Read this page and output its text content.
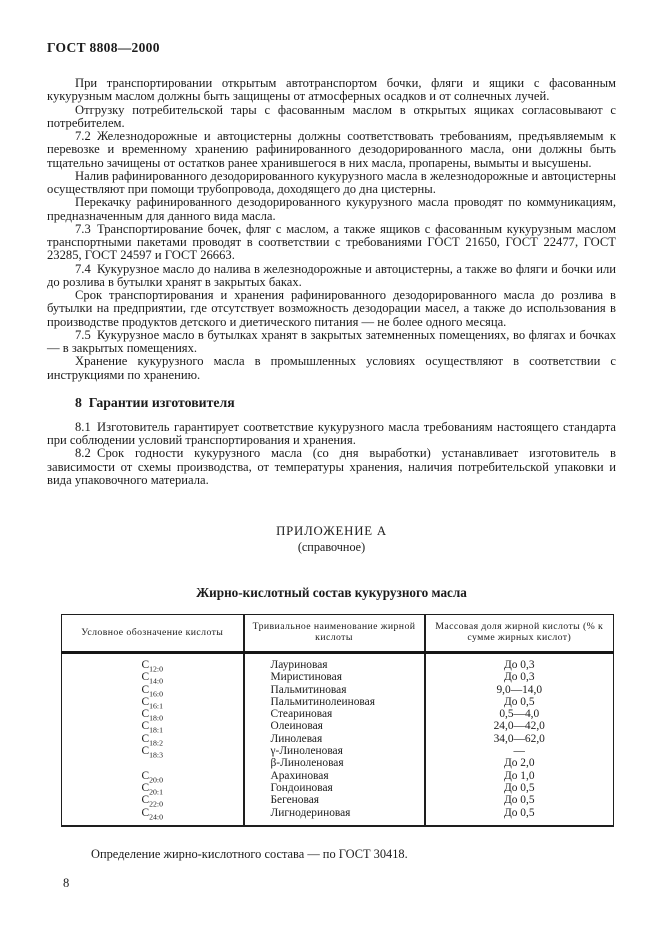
ГОСТ 8808—2000

При транспортировании открытым автотранспортом бочки, фляги и ящики с фасованным кукурузным маслом должны быть защищены от атмосферных осадков и от солнечных лучей.

Отгрузку потребительской тары с фасованным маслом в открытых ящиках согласовывают с потребителем.

7.2 Железнодорожные и автоцистерны должны соответствовать требованиям, предъявляемым к перевозке и временному хранению рафинированного дезодорированного масла, они должны быть тщательно зачищены от остатков ранее хранившегося в них масла, пропарены, вымыты и высушены.

Налив рафинированного дезодорированного кукурузного масла в железнодорожные и автоцистерны осуществляют при помощи трубопровода, доходящего до дна цистерны.

Перекачку рафинированного дезодорированного кукурузного масла проводят по коммуникациям, предназначенным для данного вида масла.

7.3 Транспортирование бочек, фляг с маслом, а также ящиков с фасованным кукурузным маслом транспортными пакетами проводят в соответствии с требованиями ГОСТ 21650, ГОСТ 22477, ГОСТ 23285, ГОСТ 24597 и ГОСТ 26663.

7.4 Кукурузное масло до налива в железнодорожные и автоцистерны, а также во фляги и бочки или до розлива в бутылки хранят в закрытых баках.

Срок транспортирования и хранения рафинированного дезодорированного масла до розлива в бутылки на предприятии, где отсутствует возможность дезодорации масел, а также до использования в производстве продуктов детского и диетического питания — не более одного месяца.

7.5 Кукурузное масло в бутылках хранят в закрытых затемненных помещениях, во флягах и бочках — в закрытых помещениях.

Хранение кукурузного масла в промышленных условиях осуществляют в соответствии с инструкциями по хранению.

8 Гарантии изготовителя

8.1 Изготовитель гарантирует соответствие кукурузного масла требованиям настоящего стандарта при соблюдении условий транспортирования и хранения.

8.2 Срок годности кукурузного масла (со дня выработки) устанавливает изготовитель в зависимости от схемы производства, от температуры хранения, наличия потребительской упаковки и вида упаковочного материала.

ПРИЛОЖЕНИЕ А
(справочное)
Жирно-кислотный состав кукурузного масла
Условное обозначение кислоты	Тривиальное наименование жирной кислоты	Массовая доля жирной кислоты (% к сумме жирных кислот)
$C_{12:0}$	Лауриновая	До 0,3
$C_{14:0}$	Миристиновая	До 0,3
$C_{16:0}$	Пальмитиновая	9,0—14,0
$C_{16:1}$	Пальмитинолеиновая	До 0,5
$C_{18:0}$	Стеариновая	0,5—4,0
$C_{18:1}$	Олеиновая	24,0—42,0
$C_{18:2}$	Линолевая	34,0—62,0
$C_{18:3}$	γ-Линоленовая	—
	β-Линоленовая	До 2,0
$C_{20:0}$	Арахиновая	До 1,0
$C_{20:1}$	Гондоиновая	До 0,5
$C_{22:0}$	Бегеновая	До 0,5
$C_{24:0}$	Лигнодериновая	До 0,5
Определение жирно-кислотного состава — по ГОСТ 30418.
8
